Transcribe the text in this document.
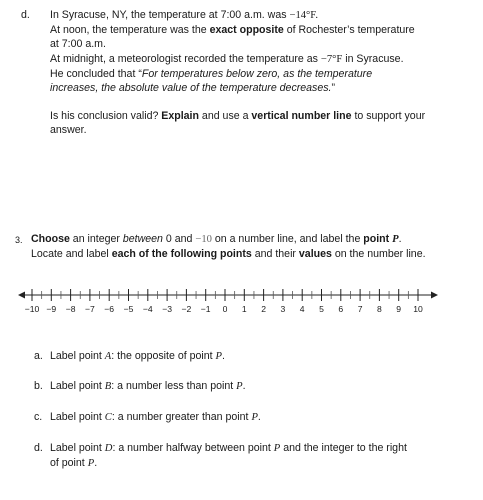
d. In Syracuse, NY, the temperature at 7:00 a.m. was −14°F.
At noon, the temperature was the exact opposite of Rochester’s temperature
at 7:00 a.m.
At midnight, a meteorologist recorded the temperature as −7°F in Syracuse.
He concluded that “For temperatures below zero, as the temperature
increases, the absolute value of the temperature decreases.”
Is his conclusion valid? Explain and use a vertical number line to support your
answer.
3. Choose an integer between 0 and −10 on a number line, and label the point P.
Locate and label each of the following points and their values on the number line.
−10 −9 −8 −7 −6 −5 −4 −3 −2 −1 0 1 2 3 4 5 6 7 8 9 10
a. Label point A: the opposite of point P.
b. Label point B: a number less than point P.
c. Label point C: a number greater than point P.
d. Label point D: a number halfway between point P and the integer to the right
of point P.
